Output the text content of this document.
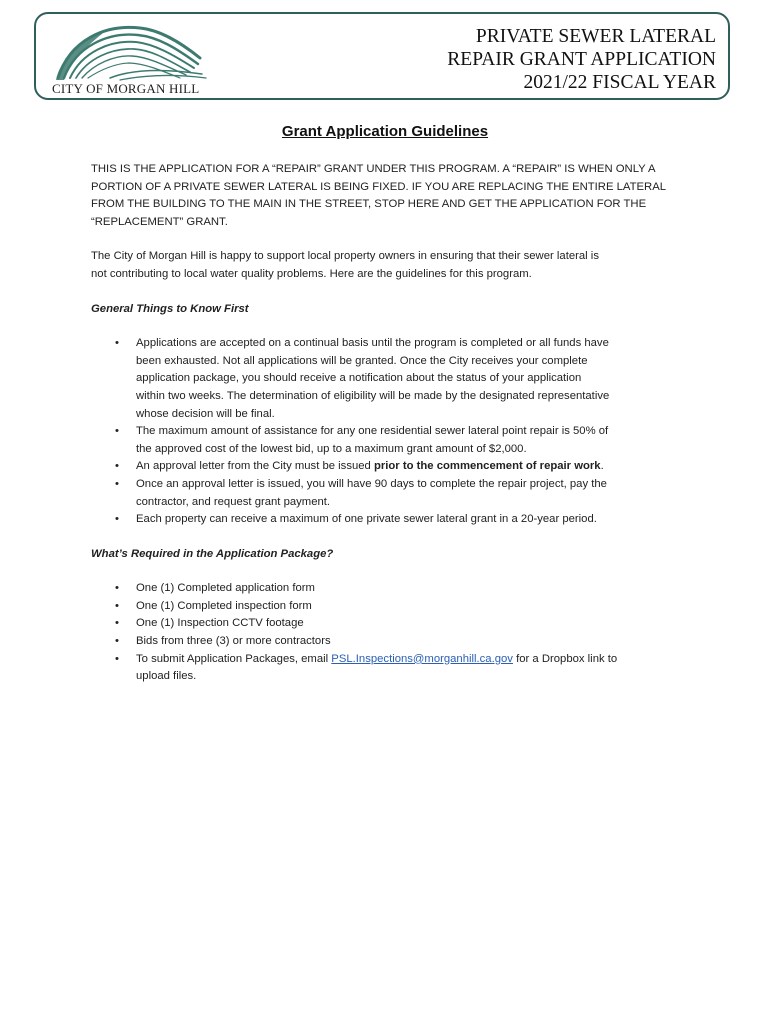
CITY OF MORGAN HILL
PRIVATE SEWER LATERAL
REPAIR GRANT APPLICATION
2021/22 FISCAL YEAR
Grant Application Guidelines

THIS IS THE APPLICATION FOR A “REPAIR” GRANT UNDER THIS PROGRAM. A “REPAIR” IS WHEN ONLY A

PORTION OF A PRIVATE SEWER LATERAL IS BEING FIXED. IF YOU ARE REPLACING THE ENTIRE LATERAL

FROM THE BUILDING TO THE MAIN IN THE STREET, STOP HERE AND GET THE APPLICATION FOR THE

“REPLACEMENT” GRANT.

The City of Morgan Hill is happy to support local property owners in ensuring that their sewer lateral is

not contributing to local water quality problems. Here are the guidelines for this program.

General Things to Know First

• Applications are accepted on a continual basis until the program is completed or all funds have

been exhausted. Not all applications will be granted. Once the City receives your complete

application package, you should receive a notification about the status of your application

within two weeks. The determination of eligibility will be made by the designated representative

whose decision will be final.

• The maximum amount of assistance for any one residential sewer lateral point repair is 50% of

the approved cost of the lowest bid, up to a maximum grant amount of $2,000.

• An approval letter from the City must be issued prior to the commencement of repair work.

• Once an approval letter is issued, you will have 90 days to complete the repair project, pay the

contractor, and request grant payment.

• Each property can receive a maximum of one private sewer lateral grant in a 20-year period.

What’s Required in the Application Package?

• One (1) Completed application form

• One (1) Completed inspection form

• One (1) Inspection CCTV footage

• Bids from three (3) or more contractors

• To submit Application Packages, email PSL.Inspections@morganhill.ca.gov for a Dropbox link to

upload files.
